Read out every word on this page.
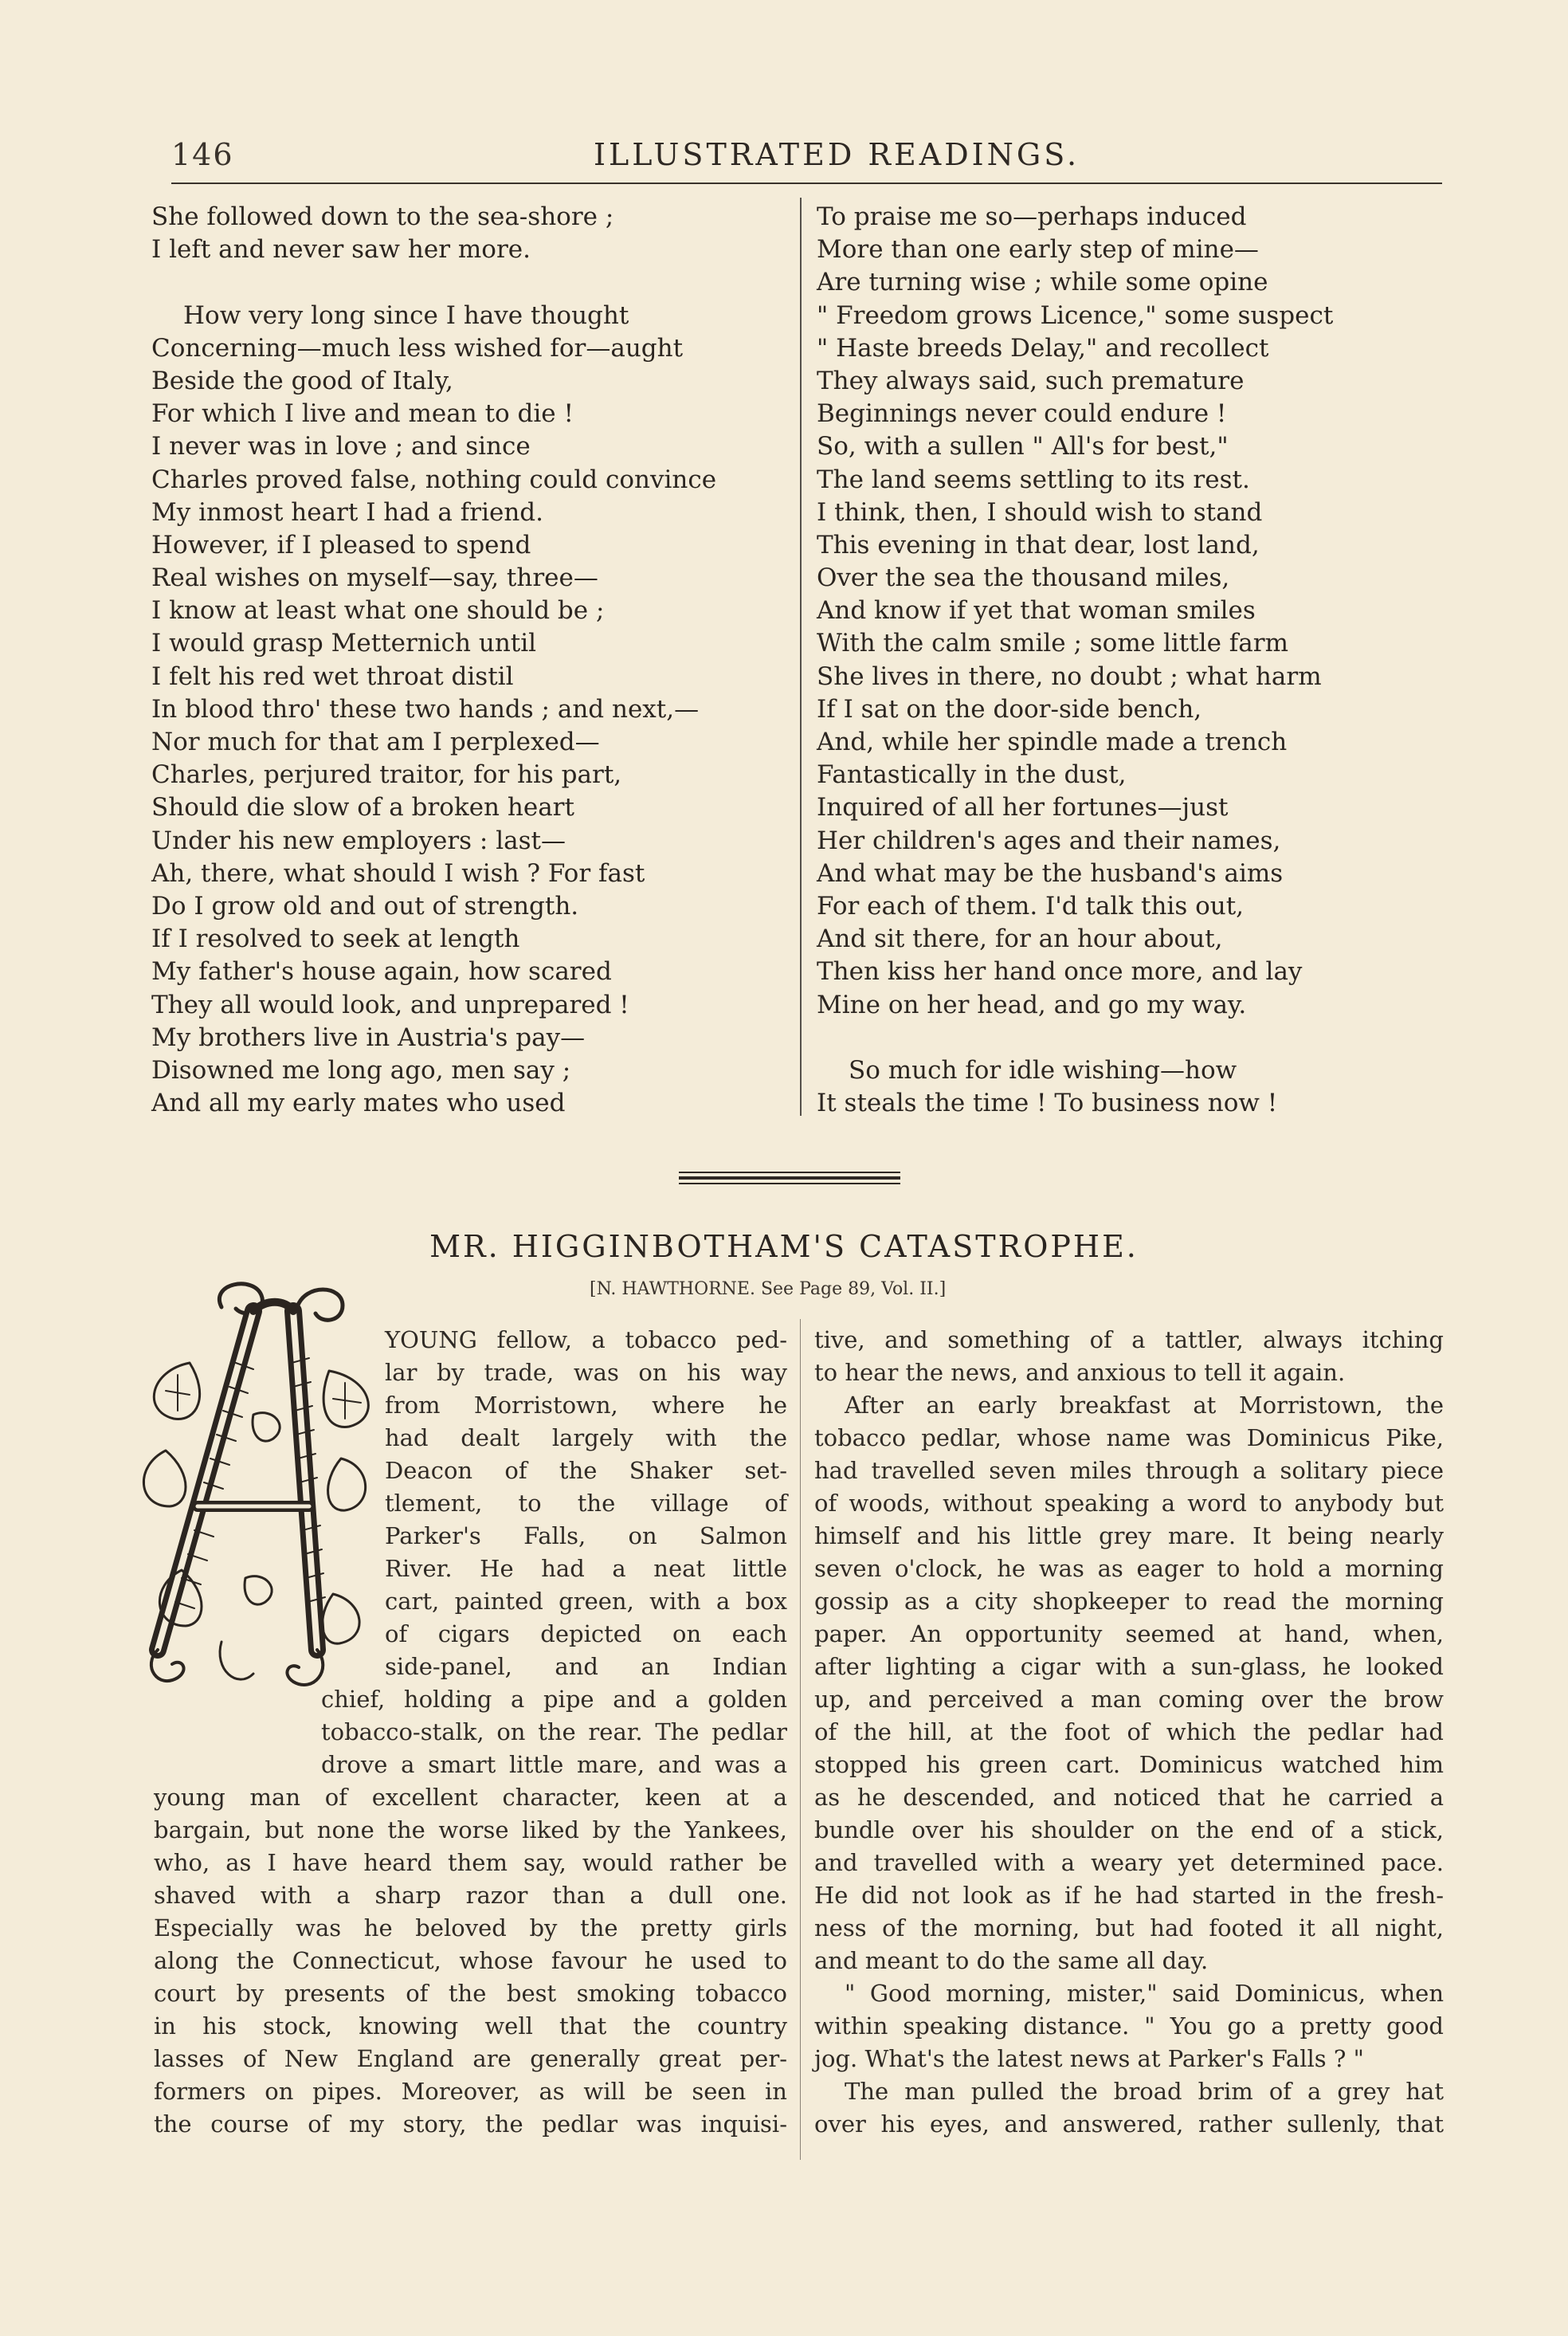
146	ILLUSTRATED READINGS.
She followed down to the sea-shore ;
I left and never saw her more.
How very long since I have thought
Concerning—much less wished for—aught
Beside the good of Italy,
For which I live and mean to die !
I never was in love ; and since
Charles proved false, nothing could convince
My inmost heart I had a friend.
However, if I pleased to spend
Real wishes on myself—say, three—
I know at least what one should be ;
I would grasp Metternich until
I felt his red wet throat distil
In blood thro' these two hands ; and next,—
Nor much for that am I perplexed—
Charles, perjured traitor, for his part,
Should die slow of a broken heart
Under his new employers : last—
Ah, there, what should I wish ? For fast
Do I grow old and out of strength.
If I resolved to seek at length
My father's house again, how scared
They all would look, and unprepared !
My brothers live in Austria's pay—
Disowned me long ago, men say ;
And all my early mates who used
To praise me so—perhaps induced
More than one early step of mine—
Are turning wise ; while some opine
" Freedom grows Licence," some suspect
" Haste breeds Delay," and recollect
They always said, such premature
Beginnings never could endure !
So, with a sullen " All's for best,"
The land seems settling to its rest.
I think, then, I should wish to stand
This evening in that dear, lost land,
Over the sea the thousand miles,
And know if yet that woman smiles
With the calm smile ; some little farm
She lives in there, no doubt ; what harm
If I sat on the door-side bench,
And, while her spindle made a trench
Fantastically in the dust,
Inquired of all her fortunes—just
Her children's ages and their names,
And what may be the husband's aims
For each of them. I'd talk this out,
And sit there, for an hour about,
Then kiss her hand once more, and lay
Mine on her head, and go my way.
So much for idle wishing—how
It steals the time ! To business now !
MR. HIGGINBOTHAM'S CATASTROPHE.
[N. HAWTHORNE. See Page 89, Vol. II.]
YOUNG fellow, a tobacco ped-
lar by trade, was on his way
from Morristown, where he
had dealt largely with the
Deacon of the Shaker set-
tlement, to the village of
Parker's Falls, on Salmon
River. He had a neat little
cart, painted green, with a box
of cigars depicted on each
side-panel, and an Indian
chief, holding a pipe and a golden
tobacco-stalk, on the rear. The pedlar
drove a smart little mare, and was a
young man of excellent character, keen at a
bargain, but none the worse liked by the Yankees,
who, as I have heard them say, would rather be
shaved with a sharp razor than a dull one.
Especially was he beloved by the pretty girls
along the Connecticut, whose favour he used to
court by presents of the best smoking tobacco
in his stock, knowing well that the country
lasses of New England are generally great per-
formers on pipes. Moreover, as will be seen in
the course of my story, the pedlar was inquisi-
tive, and something of a tattler, always itching
to hear the news, and anxious to tell it again.
After an early breakfast at Morristown, the
tobacco pedlar, whose name was Dominicus Pike,
had travelled seven miles through a solitary piece
of woods, without speaking a word to anybody but
himself and his little grey mare. It being nearly
seven o'clock, he was as eager to hold a morning
gossip as a city shopkeeper to read the morning
paper. An opportunity seemed at hand, when,
after lighting a cigar with a sun-glass, he looked
up, and perceived a man coming over the brow
of the hill, at the foot of which the pedlar had
stopped his green cart. Dominicus watched him
as he descended, and noticed that he carried a
bundle over his shoulder on the end of a stick,
and travelled with a weary yet determined pace.
He did not look as if he had started in the fresh-
ness of the morning, but had footed it all night,
and meant to do the same all day.
" Good morning, mister," said Dominicus, when
within speaking distance. " You go a pretty good
jog. What's the latest news at Parker's Falls ? "
The man pulled the broad brim of a grey hat
over his eyes, and answered, rather sullenly, that
